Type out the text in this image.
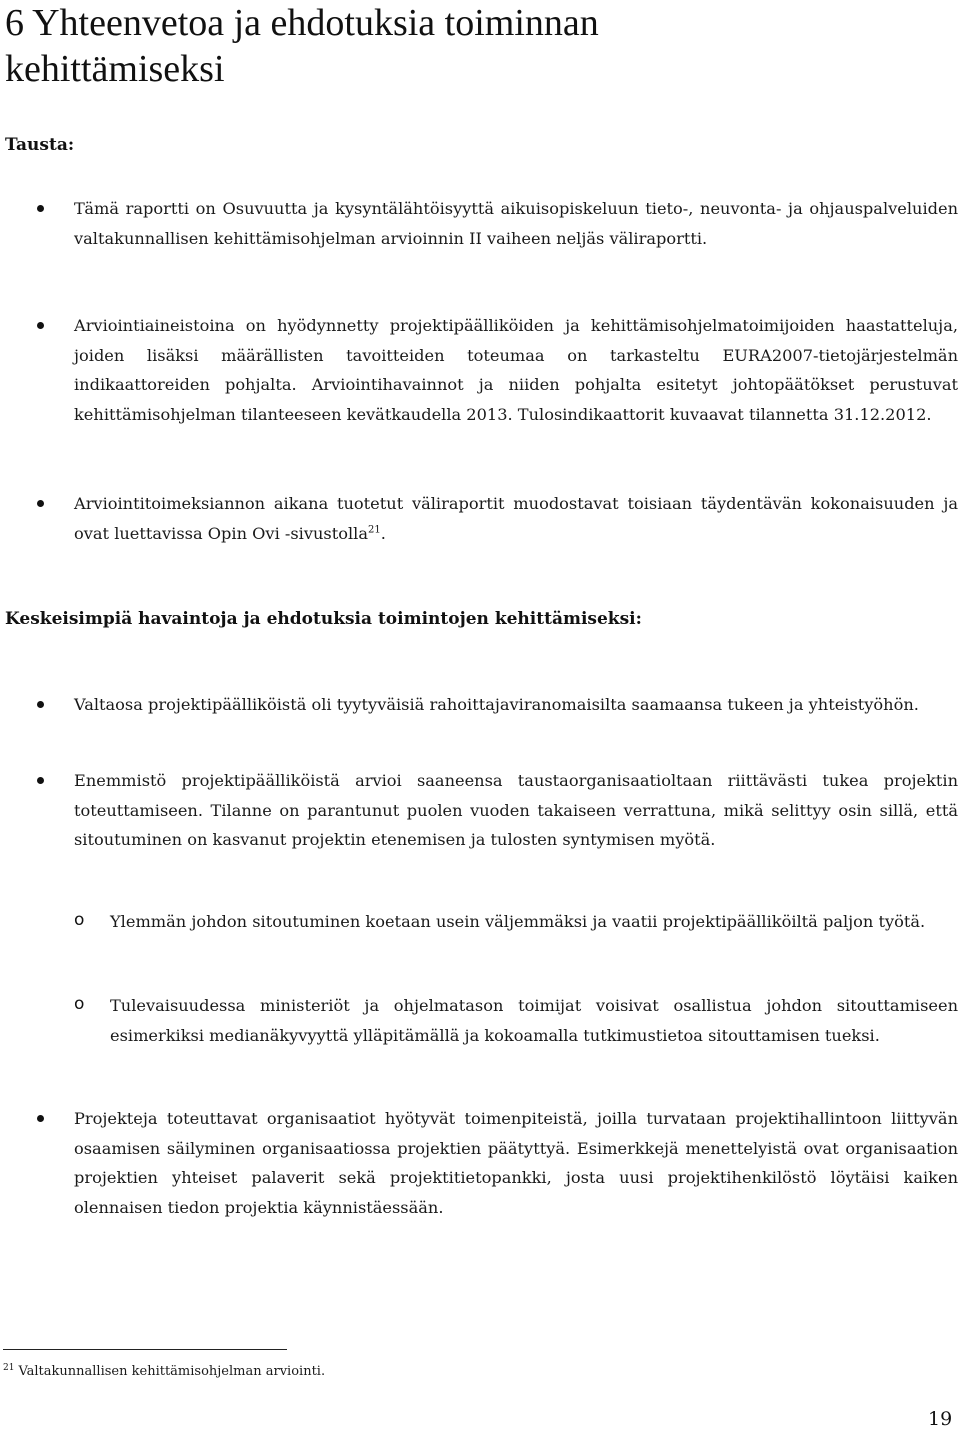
6 Yhteenvetoa ja ehdotuksia toiminnan
kehittämiseksi
Tausta:

Tämä raportti on Osuvuutta ja kysyntälähtöisyyttä aikuisopiskeluun tieto-, neuvonta- ja ohjauspalveluiden valtakunnallisen kehittämisohjelman arvioinnin II vaiheen neljäs väliraportti.

Arviointiaineistoina on hyödynnetty projektipäälliköiden ja kehittämisohjelmatoimijoiden haastatteluja, joiden lisäksi määrällisten tavoitteiden toteumaa on tarkasteltu EURA2007-tietojärjestelmän indikaattoreiden pohjalta. Arviointihavainnot ja niiden pohjalta esitetyt johtopäätökset perustuvat kehittämisohjelman tilanteeseen kevätkaudella 2013. Tulosindikaattorit kuvaavat tilannetta 31.12.2012.

Arviointitoimeksiannon aikana tuotetut väliraportit muodostavat toisiaan täydentävän kokonaisuuden ja ovat luettavissa Opin Ovi -sivustolla$^{21}$.

Keskeisimpiä havaintoja ja ehdotuksia toimintojen kehittämiseksi:

Valtaosa projektipäälliköistä oli tyytyväisiä rahoittajaviranomaisilta saamaansa tukeen ja yhteistyöhön.

Enemmistö projektipäälliköistä arvioi saaneensa taustaorganisaatioltaan riittävästi tukea projektin toteuttamiseen. Tilanne on parantunut puolen vuoden takaiseen verrattuna, mikä selittyy osin sillä, että sitoutuminen on kasvanut projektin etenemisen ja tulosten syntymisen myötä.

o Ylemmän johdon sitoutuminen koetaan usein väljemmäksi ja vaatii projektipäälliköiltä paljon työtä.

o Tulevaisuudessa ministeriöt ja ohjelmatason toimijat voisivat osallistua johdon sitouttamiseen esimerkiksi medianäkyvyyttä ylläpitämällä ja kokoamalla tutkimustietoa sitouttamisen tueksi.

Projekteja toteuttavat organisaatiot hyötyvät toimenpiteistä, joilla turvataan projektihallintoon liittyvän osaamisen säilyminen organisaatiossa projektien päätyttyä. Esimerkkejä menettelyistä ovat organisaation projektien yhteiset palaverit sekä projektitietopankki, josta uusi projektihenkilöstö löytäisi kaiken olennaisen tiedon projektia käynnistäessään.

$^{21}$ Valtakunnallisen kehittämisohjelman arviointi.

19
